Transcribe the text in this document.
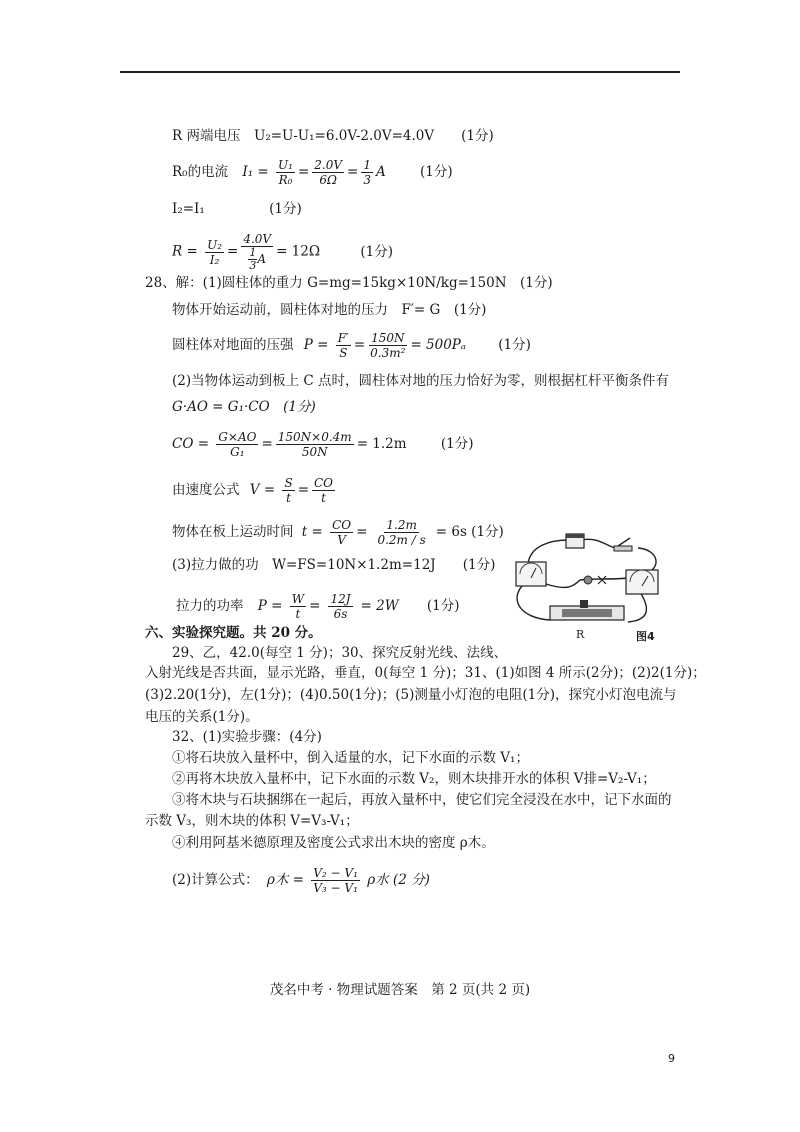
R 两端电压　U₂=U-U₁=6.0V-2.0V=4.0V　　(1分)
R₀的电流 $I_1 = \frac{\text{U₁}}{\text{R₀}} = \frac{2.0V}{6\Omega} = \frac{1}{3}$ A	(1分)
I₂=I₁	(1分)
$R = \frac{\text{U₂}}{\text{I₂}} = \frac{4.0V}{\frac{1}{3} A} = 12\Omega$	(1分)
28、解：(1)圆柱体的重力 G=mg=15kg×10N/kg=150N　(1分)
物体开始运动前，圆柱体对地的压力　F′= G　(1分)
圆柱体对地面的压强 $P = \frac{F'}{S} = \frac{150N}{\text{0.3m²}} = 500P_a$ (1分)
(2)当物体运动到板上 C 点时，圆柱体对地的压力恰好为零，则根据杠杆平衡条件有
G·AO = G₁·CO　(1分)
CO = $\frac{G\times AO}{\text{G₁}} = \frac{150N\times 0.4m}{50N} = 1.2m$	(1分)
由速度公式 $V = \frac{S}{t} = \frac{CO}{t}$
物体在板上运动时间 $t = \frac{CO}{V} = \frac{1.2m}{0.2m / s} = 6s$ (1分)
(3)拉力做的功　W=FS=10N×1.2m=12J　　(1分)
拉力的功率 $P = \frac{W}{t} = \frac{12J}{6s} = 2W$ (1分)
六、实验探究题。共 20 分。
29、乙，42.0(每空 1 分)；30、探究反射光线、法线、
入射光线是否共面，显示光路，垂直，0(每空 1 分)；31、(1)如图 4 所示(2分)；(2)2(1分)；
(3)2.20(1分)，左(1分)；(4)0.50(1分)；(5)测量小灯泡的电阻(1分)，探究小灯泡电流与
电压的关系(1分)。
32、(1)实验步骤：(4分)
①将石块放入量杯中，倒入适量的水，记下水面的示数 V₁；
②再将木块放入量杯中，记下水面的示数 V₂，则木块排开水的体积 V排=V₂-V₁；
③将木块与石块捆绑在一起后，再放入量杯中，使它们完全浸没在水中，记下水面的
示数 V₃，则木块的体积 V=V₃-V₁；
④利用阿基米德原理及密度公式求出木块的密度 ρ木。
(2)计算公式： ρ木 = $\frac{\text{V₂ − V₁}}{\text{V₃ − V₁}}$ ρ水 (2 分)
R	图4
茂名中考 · 物理试题答案　第 2 页(共 2 页)
9
